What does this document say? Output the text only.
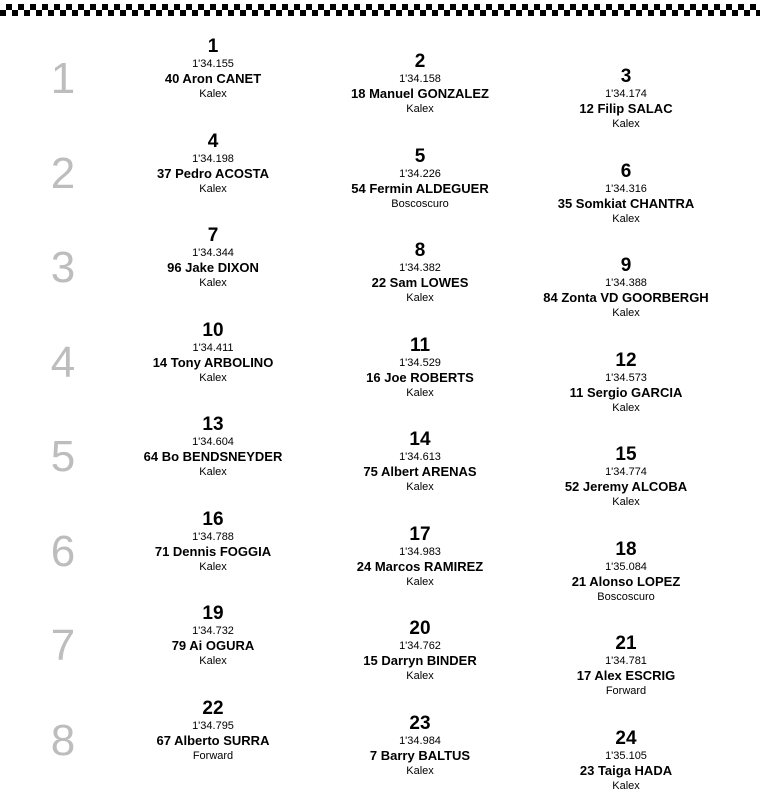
1
1
1'34.155
40 Aron CANET
Kalex
2
1'34.158
18 Manuel GONZALEZ
Kalex
3
1'34.174
12 Filip SALAC
Kalex
2
4
1'34.198
37 Pedro ACOSTA
Kalex
5
1'34.226
54 Fermin ALDEGUER
Boscoscuro
6
1'34.316
35 Somkiat CHANTRA
Kalex
3
7
1'34.344
96 Jake DIXON
Kalex
8
1'34.382
22 Sam LOWES
Kalex
9
1'34.388
84 Zonta VD GOORBERGH
Kalex
4
10
1'34.411
14 Tony ARBOLINO
Kalex
11
1'34.529
16 Joe ROBERTS
Kalex
12
1'34.573
11 Sergio GARCIA
Kalex
5
13
1'34.604
64 Bo BENDSNEYDER
Kalex
14
1'34.613
75 Albert ARENAS
Kalex
15
1'34.774
52 Jeremy ALCOBA
Kalex
6
16
1'34.788
71 Dennis FOGGIA
Kalex
17
1'34.983
24 Marcos RAMIREZ
Kalex
18
1'35.084
21 Alonso LOPEZ
Boscoscuro
7
19
1'34.732
79 Ai OGURA
Kalex
20
1'34.762
15 Darryn BINDER
Kalex
21
1'34.781
17 Alex ESCRIG
Forward
8
22
1'34.795
67 Alberto SURRA
Forward
23
1'34.984
7 Barry BALTUS
Kalex
24
1'35.105
23 Taiga HADA
Kalex
